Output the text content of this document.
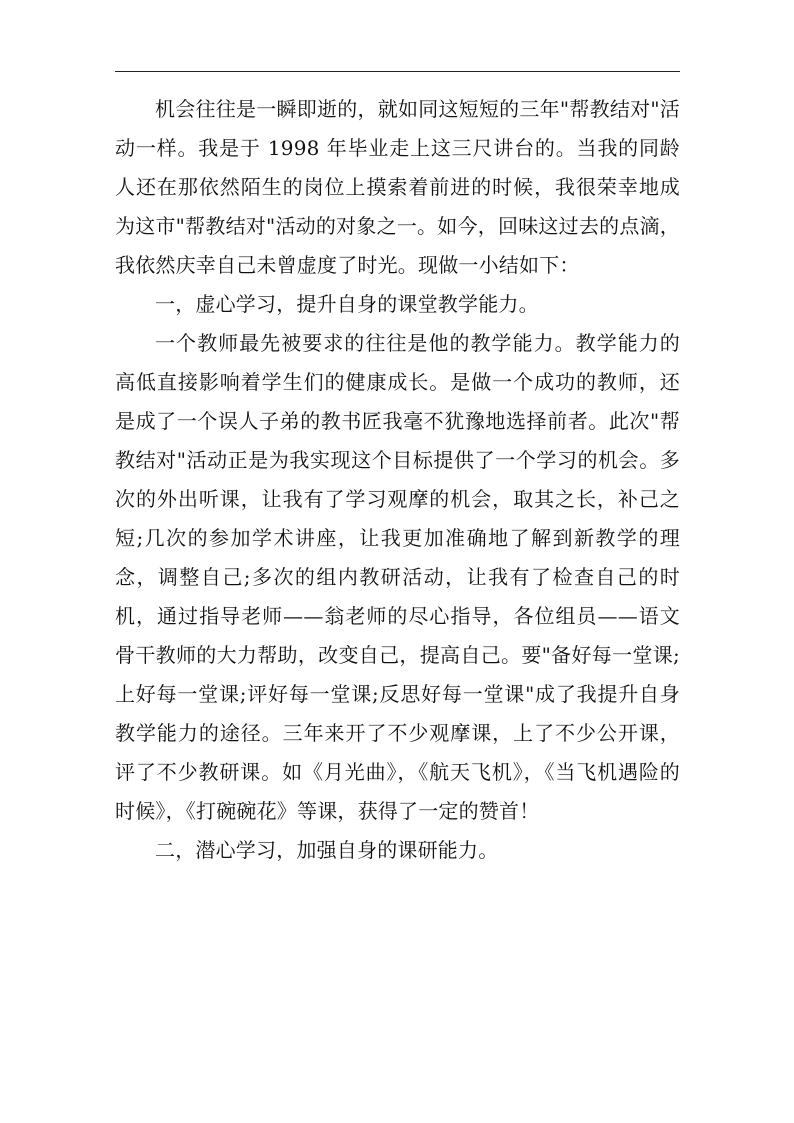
机会往往是一瞬即逝的，就如同这短短的三年"帮教结对"活动一样。我是于 1998 年毕业走上这三尺讲台的。当我的同龄人还在那依然陌生的岗位上摸索着前进的时候，我很荣幸地成为这市"帮教结对"活动的对象之一。如今，回味这过去的点滴，我依然庆幸自己未曾虚度了时光。现做一小结如下：

一，虚心学习，提升自身的课堂教学能力。

一个教师最先被要求的往往是他的教学能力。教学能力的高低直接影响着学生们的健康成长。是做一个成功的教师，还是成了一个误人子弟的教书匠我毫不犹豫地选择前者。此次"帮教结对"活动正是为我实现这个目标提供了一个学习的机会。多次的外出听课，让我有了学习观摩的机会，取其之长，补己之短;几次的参加学术讲座，让我更加准确地了解到新教学的理念，调整自己;多次的组内教研活动，让我有了检查自己的时机，通过指导老师——翁老师的尽心指导，各位组员——语文骨干教师的大力帮助，改变自己，提高自己。要"备好每一堂课;上好每一堂课;评好每一堂课;反思好每一堂课"成了我提升自身教学能力的途径。三年来开了不少观摩课，上了不少公开课，评了不少教研课。如《月光曲》，《航天飞机》，《当飞机遇险的时候》，《打碗碗花》等课，获得了一定的赞首！

二，潜心学习，加强自身的课研能力。
